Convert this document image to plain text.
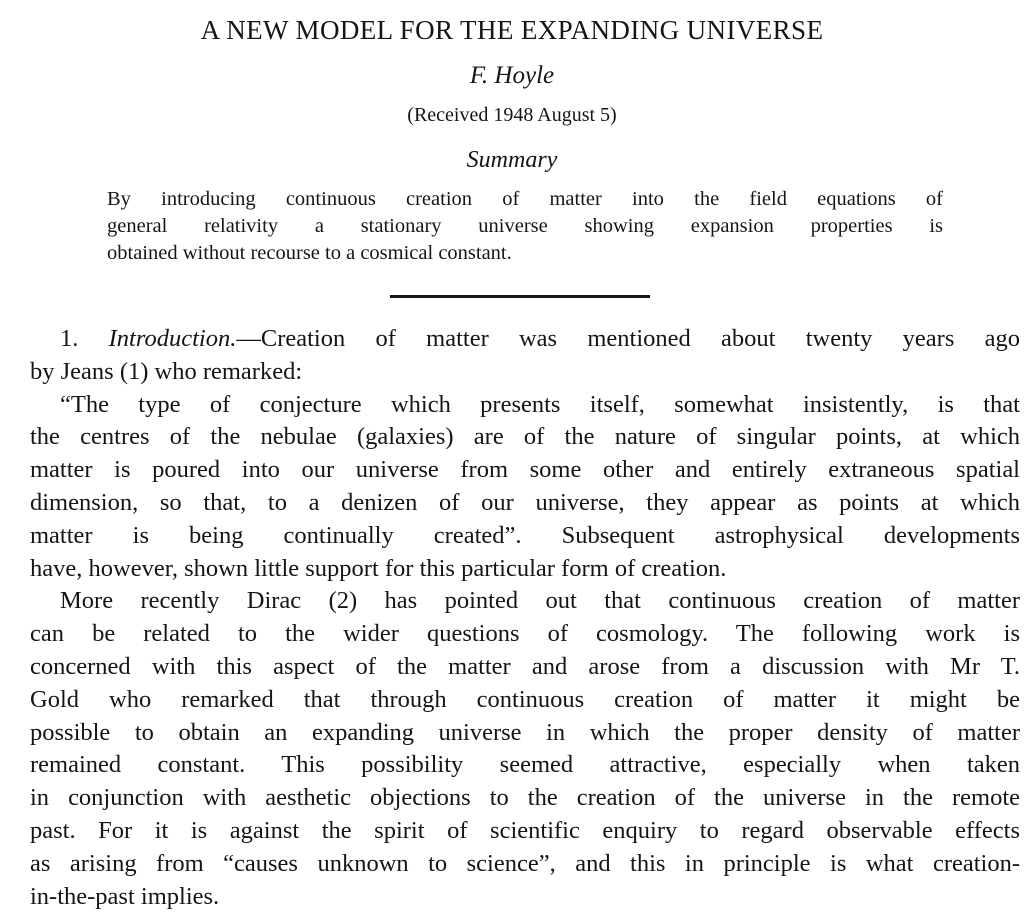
A NEW MODEL FOR THE EXPANDING UNIVERSE
F. Hoyle
(Received 1948 August 5)
Summary
By introducing continuous creation of matter into the field equations of
general relativity a stationary universe showing expansion properties is
obtained without recourse to a cosmical constant.
1. Introduction.—Creation of matter was mentioned about twenty years ago
by Jeans (1) who remarked:
“The type of conjecture which presents itself, somewhat insistently, is that
the centres of the nebulae (galaxies) are of the nature of singular points, at which
matter is poured into our universe from some other and entirely extraneous spatial
dimension, so that, to a denizen of our universe, they appear as points at which
matter is being continually created”. Subsequent astrophysical developments
have, however, shown little support for this particular form of creation.
More recently Dirac (2) has pointed out that continuous creation of matter
can be related to the wider questions of cosmology. The following work is
concerned with this aspect of the matter and arose from a discussion with Mr T.
Gold who remarked that through continuous creation of matter it might be
possible to obtain an expanding universe in which the proper density of matter
remained constant. This possibility seemed attractive, especially when taken
in conjunction with aesthetic objections to the creation of the universe in the remote
past. For it is against the spirit of scientific enquiry to regard observable effects
as arising from “causes unknown to science”, and this in principle is what creation-
in-the-past implies.
